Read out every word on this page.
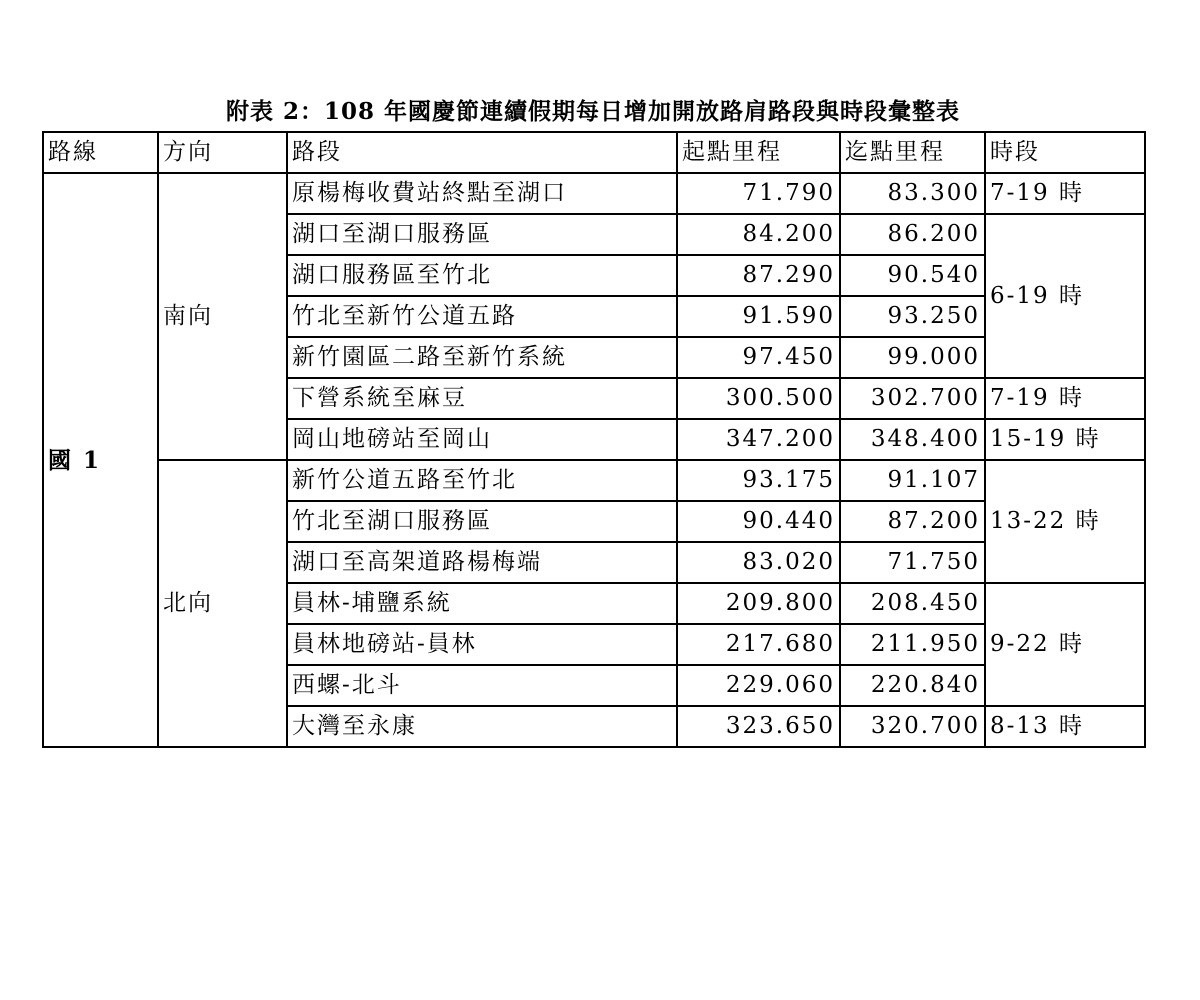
附表 2：108 年國慶節連續假期每日增加開放路肩路段與時段彙整表
路線	方向	路段	起點里程	迄點里程	時段
國 1	南向	原楊梅收費站終點至湖口	71.790	83.300	7-19 時
		湖口至湖口服務區	84.200	86.200	6-19 時
		湖口服務區至竹北	87.290	90.540	
		竹北至新竹公道五路	91.590	93.250	
		新竹園區二路至新竹系統	97.450	99.000	
		下營系統至麻豆	300.500	302.700	7-19 時
		岡山地磅站至岡山	347.200	348.400	15-19 時
	北向	新竹公道五路至竹北	93.175	91.107	13-22 時
		竹北至湖口服務區	90.440	87.200	
		湖口至高架道路楊梅端	83.020	71.750	
		員林-埔鹽系統	209.800	208.450	9-22 時
		員林地磅站-員林	217.680	211.950	
		西螺-北斗	229.060	220.840	
		大灣至永康	323.650	320.700	8-13 時
